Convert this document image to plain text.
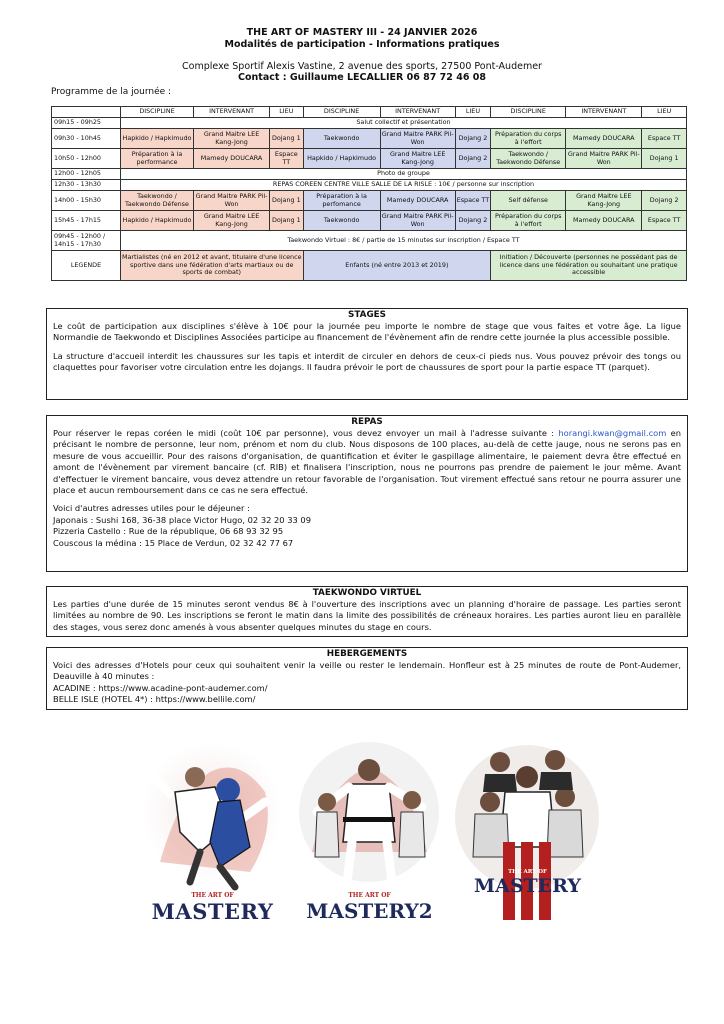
THE ART OF MASTERY III - 24 JANVIER 2026
Modalités de participation - Informations pratiques
Complexe Sportif Alexis Vastine, 2 avenue des sports, 27500 Pont-Audemer
Contact : Guillaume LECALLIER 06 87 72 46 08
Programme de la journée :
	DISCIPLINE	INTERVENANT	LIEU	DISCIPLINE	INTERVENANT	LIEU	DISCIPLINE	INTERVENANT	LIEU
09h15 - 09h25	Salut collectif et présentation								
09h30 - 10h45	Hapkido / Hapkimudo	Grand Maitre LEE Kang-Jong	Dojang 1	Taekwondo	Grand Maitre PARK Pil-Won	Dojang 2	Préparation du corps à l'effort	Mamedy DOUCARA	Espace TT
10h50 - 12h00	Préparation à la performance	Mamedy DOUCARA	Espace TT	Hapkido / Hapkimudo	Grand Maitre LEE Kang-Jong	Dojang 2	Taekwondo / Taekwondo Défense	Grand Maitre PARK Pil-Won	Dojang 1
12h00 - 12h05	Photo de groupe								
12h30 - 13h30	REPAS COREEN CENTRE VILLE SALLE DE LA RISLE : 10€ / personne sur inscription								
14h00 - 15h30	Taekwondo / Taekwondo Défense	Grand Maitre PARK Pil-Won	Dojang 1	Préparation à la perfomance	Mamedy DOUCARA	Espace TT	Self défense	Grand Maitre LEE Kang-Jong	Dojang 2
15h45 - 17h15	Hapkido / Hapkimudo	Grand Maitre LEE Kang-Jong	Dojang 1	Taekwondo	Grand Maitre PARK Pil-Won	Dojang 2	Préparation du corps à l'effort	Mamedy DOUCARA	Espace TT
09h45 - 12h00 / 14h15 - 17h30	Taekwondo Virtuel : 8€ / partie de 15 minutes sur inscription / Espace TT								
LEGENDE	Martialistes (né en 2012 et avant, titulaire d'une licence sportive dans une fédération d'arts martiaux ou de sports de combat)			Enfants (né entre 2013 et 2019)			Initiation / Découverte (personnes ne possédant pas de licence dans une fédération ou souhaitant une pratique accessible		
STAGES

Le coût de participation aux disciplines s'élève à 10€ pour la journée peu importe le nombre de stage que vous faites et votre âge. La ligue Normandie de Taekwondo et Disciplines Associées participe au financement de l'évènement afin de rendre cette journée la plus accessible possible.

La structure d'accueil interdit les chaussures sur les tapis et interdit de circuler en dehors de ceux-ci pieds nus. Vous pouvez prévoir des tongs ou claquettes pour favoriser votre circulation entre les dojangs. Il faudra prévoir le port de chaussures de sport pour la partie espace TT (parquet).

REPAS

Pour réserver le repas coréen le midi (coût 10€ par personne), vous devez envoyer un mail à l'adresse suivante : horangi.kwan@gmail.com en précisant le nombre de personne, leur nom, prénom et nom du club. Nous disposons de 100 places, au-delà de cette jauge, nous ne serons pas en mesure de vous accueillir. Pour des raisons d'organisation, de quantification et éviter le gaspillage alimentaire, le paiement devra être effectué en amont de l'évènement par virement bancaire (cf. RIB) et finalisera l'inscription, nous ne pourrons pas prendre de paiement le jour même. Avant d'effectuer le virement bancaire, vous devez attendre un retour favorable de l'organisation. Tout virement effectué sans retour ne pourra assurer une place et aucun remboursement dans ce cas ne sera effectué.

Voici d'autres adresses utiles pour le déjeuner :

Japonais : Sushi 168, 36-38 place Victor Hugo, 02 32 20 33 09
Pizzeria Castello : Rue de la république, 06 68 93 32 95
Couscous la médina : 15 Place de Verdun, 02 32 42 77 67
TAEKWONDO VIRTUEL

Les parties d'une durée de 15 minutes seront vendus 8€ à l'ouverture des inscriptions avec un planning d'horaire de passage. Les parties seront limitées au nombre de 90. Les inscriptions se feront le matin dans la limite des possibilités de créneaux horaires. Les parties auront lieu en parallèle des stages, vous serez donc amenés à vous absenter quelques minutes du stage en cours.

HEBERGEMENTS

Voici des adresses d'Hotels pour ceux qui souhaitent venir la veille ou rester le lendemain. Honfleur est à 25 minutes de route de Pont-Audemer, Deauville à 40 minutes :

ACADINE : https://www.acadine-pont-audemer.com/
BELLE ISLE (HOTEL 4*) : https://www.bellile.com/
THE ART OF
MASTERY
THE ART OF
MASTERY2
THE ART OF
MASTERY
